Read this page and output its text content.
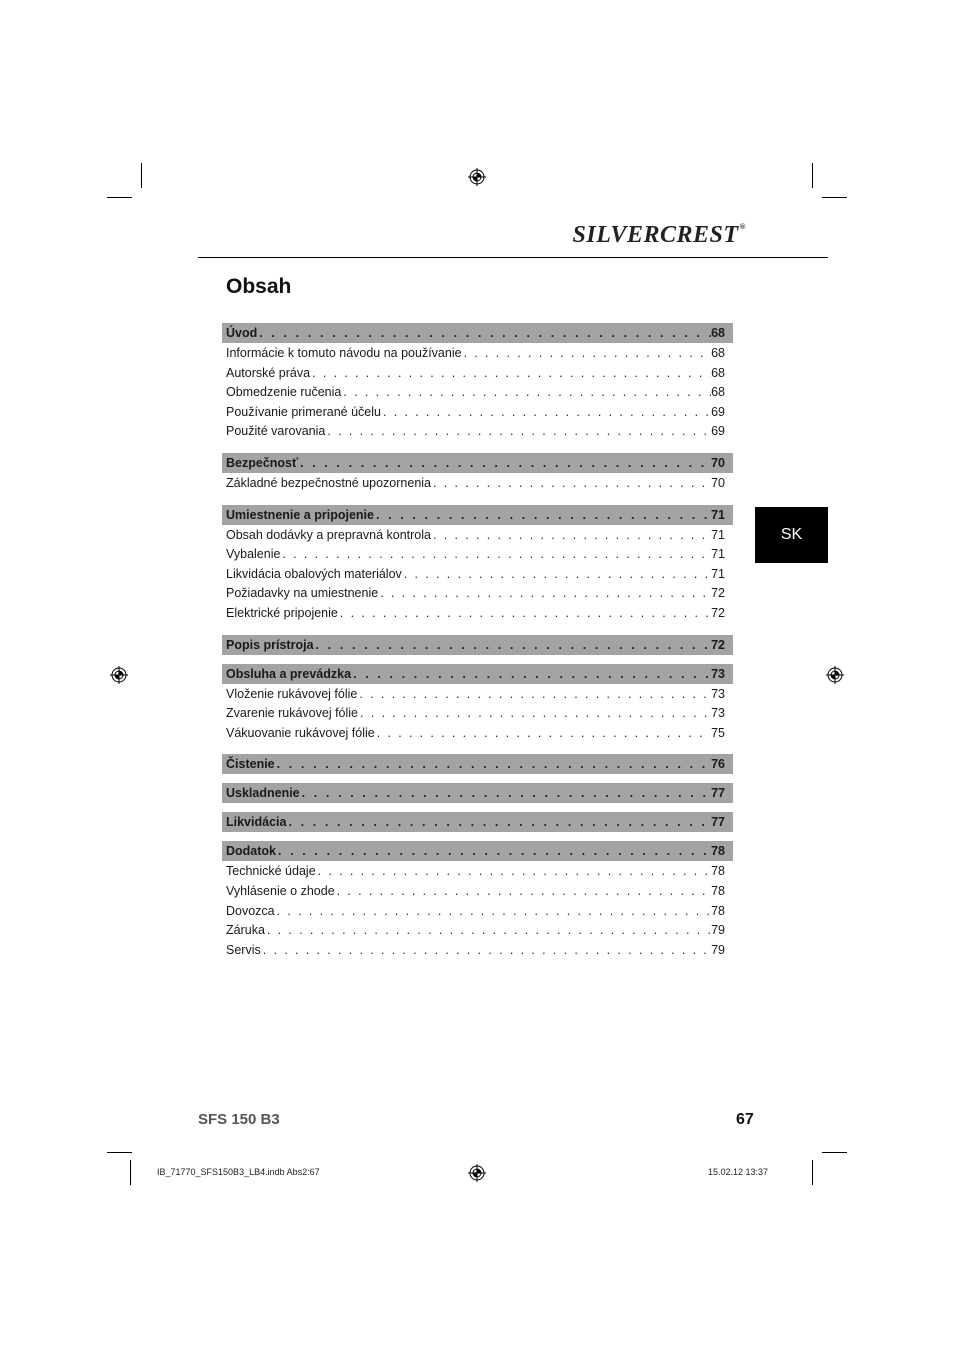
SILVERCREST®
Obsah
Úvod . . .	68
Informácie k tomuto návodu na používanie . . .	68
Autorské práva . . .	68
Obmedzenie ručenia . . .	68
Používanie primerané účelu . . .	69
Použité varovania . . .	69
Bezpečnosť . . .	70
Základné bezpečnostné upozornenia . . .	70
Umiestnenie a pripojenie . . .	71
Obsah dodávky a prepravná kontrola . . .	71
Vybalenie . . .	71
Likvidácia obalových materiálov . . .	71
Požiadavky na umiestnenie . . .	72
Elektrické pripojenie . . .	72
Popis prístroja . . .	72
Obsluha a prevádzka . . .	73
Vloženie rukávovej fólie . . .	73
Zvarenie rukávovej fólie . . .	73
Vákuovanie rukávovej fólie . . .	75
Čistenie . . .	76
Uskladnenie . . .	77
Likvidácia . . .	77
Dodatok . . .	78
Technické údaje . . .	78
Vyhlásenie o zhode . . .	78
Dovozca . . .	78
Záruka . . .	79
Servis . . .	79
SK
SFS 150 B3	67
IB_71770_SFS150B3_LB4.indb Abs2:67	15.02.12 13:37
